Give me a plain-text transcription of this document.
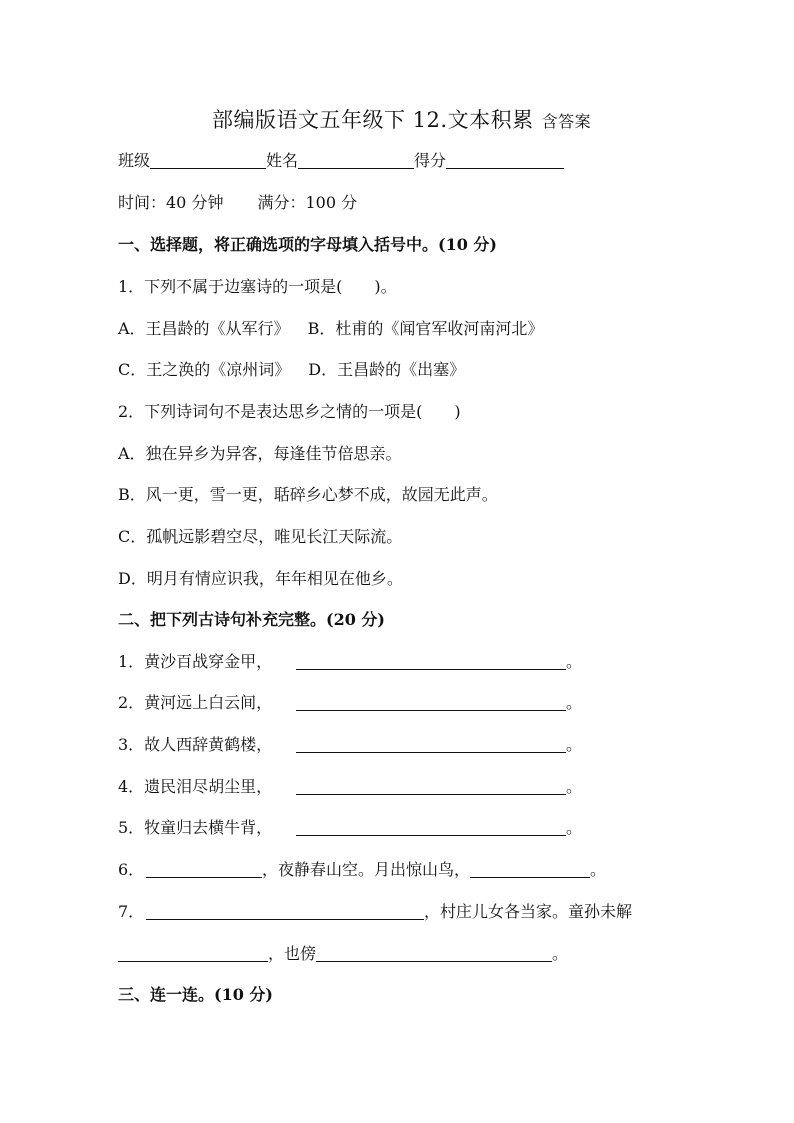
部编版语文五年级下 12.文本积累 含答案
班级	姓名	得分
时间：40 分钟 满分：100 分
一、选择题，将正确选项的字母填入括号中。(10 分)
1．下列不属于边塞诗的一项是(　　)。
A．王昌龄的《从军行》 B．杜甫的《闻官军收河南河北》
C．王之涣的《凉州词》 D．王昌龄的《出塞》
2．下列诗词句不是表达思乡之情的一项是(　　)
A．独在异乡为异客，每逢佳节倍思亲。
B．风一更，雪一更，聒碎乡心梦不成，故园无此声。
C．孤帆远影碧空尽，唯见长江天际流。
D．明月有情应识我，年年相见在他乡。
二、把下列古诗句补充完整。(20 分)
1．黄沙百战穿金甲，	。
2．黄河远上白云间，	。
3．故人西辞黄鹤楼，	。
4．遗民泪尽胡尘里，	。
5．牧童归去横牛背，	。
6．	，夜静春山空。月出惊山鸟，	。
7．	，村庄儿女各当家。童孙未解
，也傍	。
三、连一连。(10 分)
